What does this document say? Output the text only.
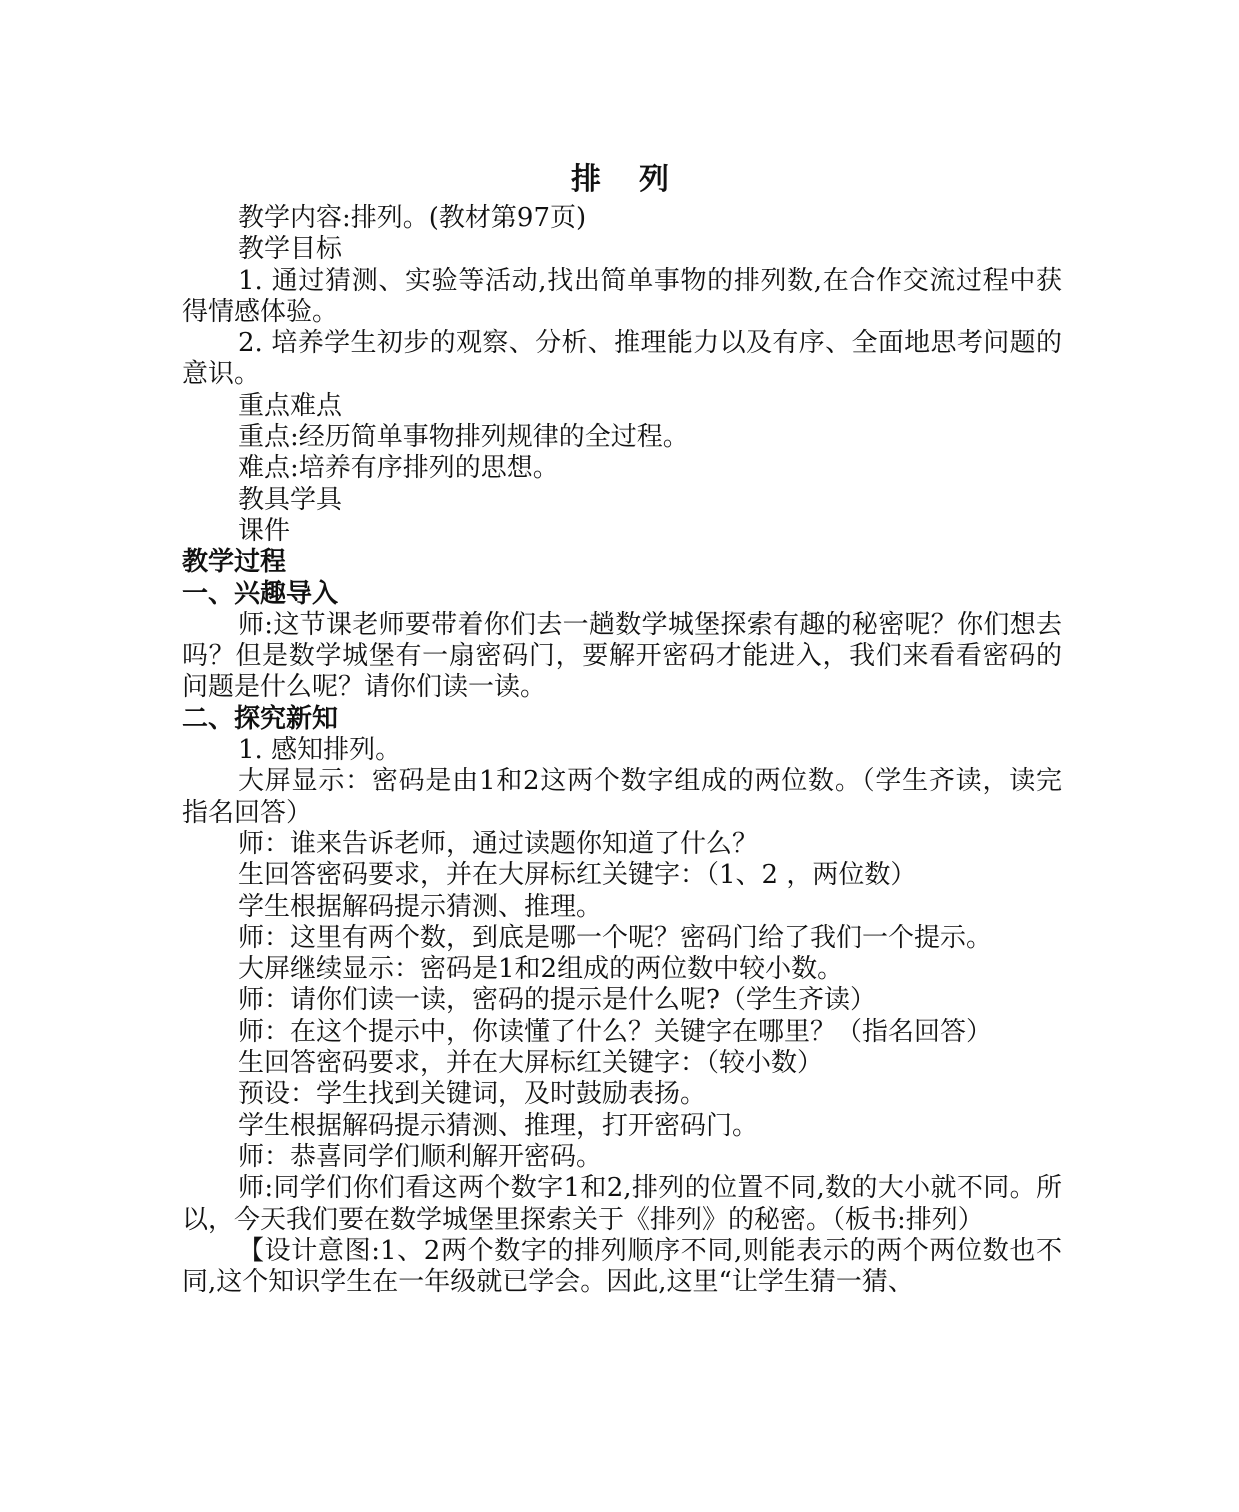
排　列

教学内容:排列。(教材第97页)

教学目标

1. 通过猜测、实验等活动,找出简单事物的排列数,在合作交流过程中获得情感体验。

2. 培养学生初步的观察、分析、推理能力以及有序、全面地思考问题的意识。

重点难点

重点:经历简单事物排列规律的全过程。

难点:培养有序排列的思想。

教具学具

课件

教学过程

一、兴趣导入

师:这节课老师要带着你们去一趟数学城堡探索有趣的秘密呢？你们想去吗？但是数学城堡有一扇密码门，要解开密码才能进入，我们来看看密码的问题是什么呢？请你们读一读。

二、探究新知

1. 感知排列。

大屏显示：密码是由1和2这两个数字组成的两位数。（学生齐读，读完指名回答）

师：谁来告诉老师，通过读题你知道了什么？

生回答密码要求，并在大屏标红关键字：（1、2 ，两位数）

学生根据解码提示猜测、推理。

师：这里有两个数，到底是哪一个呢？密码门给了我们一个提示。

大屏继续显示：密码是1和2组成的两位数中较小数。

师：请你们读一读，密码的提示是什么呢?（学生齐读）

师：在这个提示中，你读懂了什么？关键字在哪里？（指名回答）

生回答密码要求，并在大屏标红关键字：（较小数）

预设：学生找到关键词，及时鼓励表扬。

学生根据解码提示猜测、推理，打开密码门。

师：恭喜同学们顺利解开密码。

师:同学们你们看这两个数字1和2,排列的位置不同,数的大小就不同。所以，今天我们要在数学城堡里探索关于《排列》的秘密。（板书:排列）

【设计意图:1、2两个数字的排列顺序不同,则能表示的两个两位数也不同,这个知识学生在一年级就已学会。因此,这里“让学生猜一猜、
